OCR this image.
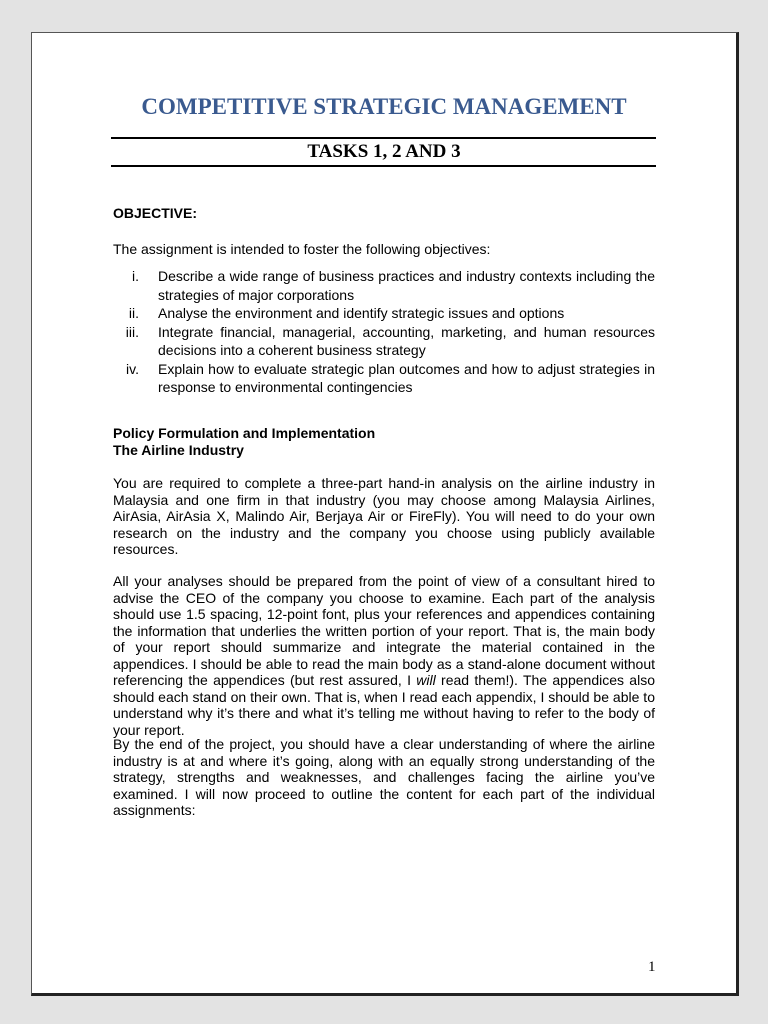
COMPETITIVE STRATEGIC MANAGEMENT
TASKS 1, 2 AND 3

OBJECTIVE:

The assignment is intended to foster the following objectives:

i. Describe a wide range of business practices and industry contexts including the strategies of major corporations
ii. Analyse the environment and identify strategic issues and options
iii. Integrate financial, managerial, accounting, marketing, and human resources decisions into a coherent business strategy
iv. Explain how to evaluate strategic plan outcomes and how to adjust strategies in response to environmental contingencies

Policy Formulation and Implementation

The Airline Industry

You are required to complete a three-part hand-in analysis on the airline industry in Malaysia and one firm in that industry (you may choose among Malaysia Airlines, AirAsia, AirAsia X, Malindo Air, Berjaya Air or FireFly). You will need to do your own research on the industry and the company you choose using publicly available resources.

All your analyses should be prepared from the point of view of a consultant hired to advise the CEO of the company you choose to examine. Each part of the analysis should use 1.5 spacing, 12-point font, plus your references and appendices containing the information that underlies the written portion of your report. That is, the main body of your report should summarize and integrate the material contained in the appendices. I should be able to read the main body as a stand-alone document without referencing the appendices (but rest assured, I will read them!). The appendices also should each stand on their own. That is, when I read each appendix, I should be able to understand why it’s there and what it’s telling me without having to refer to the body of your report.

By the end of the project, you should have a clear understanding of where the airline industry is at and where it’s going, along with an equally strong understanding of the strategy, strengths and weaknesses, and challenges facing the airline you’ve examined. I will now proceed to outline the content for each part of the individual assignments:

1
